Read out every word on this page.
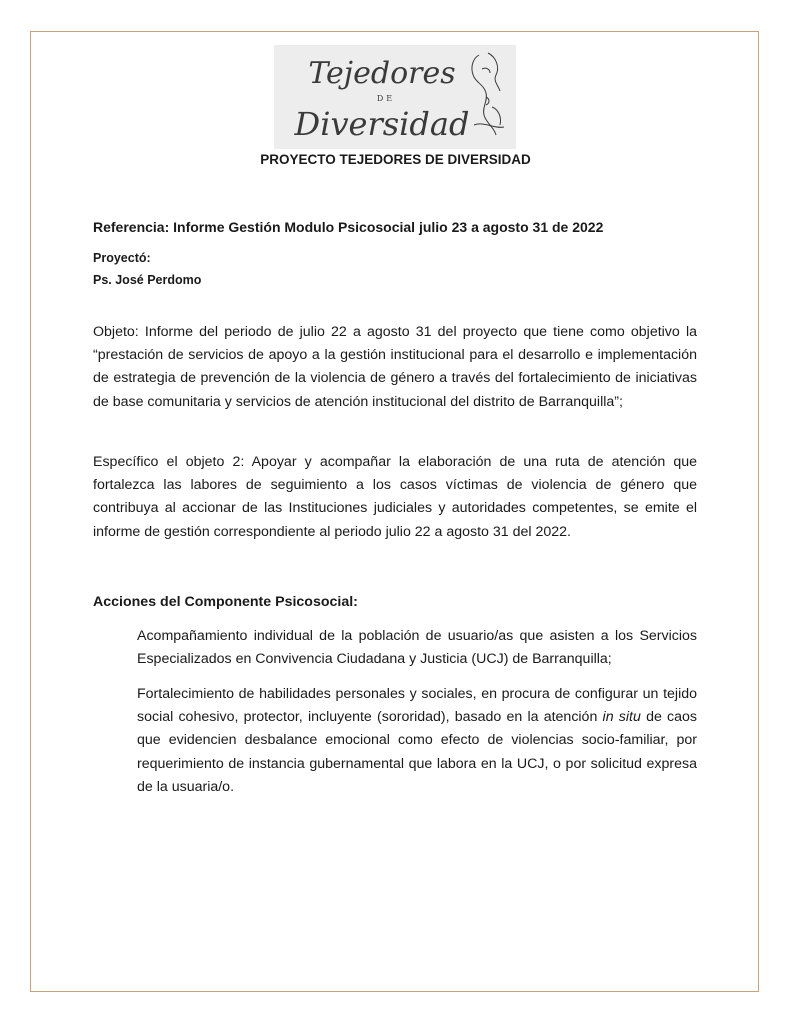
Tejedores
DE
Diversidad
PROYECTO TEJEDORES DE DIVERSIDAD
Referencia: Informe Gestión Modulo Psicosocial julio 23 a agosto 31 de 2022
Proyectó:
Ps. José Perdomo

Objeto: Informe del periodo de julio 22 a agosto 31 del proyecto que tiene como objetivo la “prestación de servicios de apoyo a la gestión institucional para el desarrollo e implementación de estrategia de prevención de la violencia de género a través del fortalecimiento de iniciativas de base comunitaria y servicios de atención institucional del distrito de Barranquilla”;

Específico el objeto 2: Apoyar y acompañar la elaboración de una ruta de atención que fortalezca las labores de seguimiento a los casos víctimas de violencia de género que contribuya al accionar de las Instituciones judiciales y autoridades competentes, se emite el informe de gestión correspondiente al periodo julio 22 a agosto 31 del 2022.

Acciones del Componente Psicosocial:

Acompañamiento individual de la población de usuario/as que asisten a los Servicios Especializados en Convivencia Ciudadana y Justicia (UCJ) de Barranquilla;

Fortalecimiento de habilidades personales y sociales, en procura de configurar un tejido social cohesivo, protector, incluyente (sororidad), basado en la atención in situ de caos que evidencien desbalance emocional como efecto de violencias socio-familiar, por requerimiento de instancia gubernamental que labora en la UCJ, o por solicitud expresa de la usuaria/o.
